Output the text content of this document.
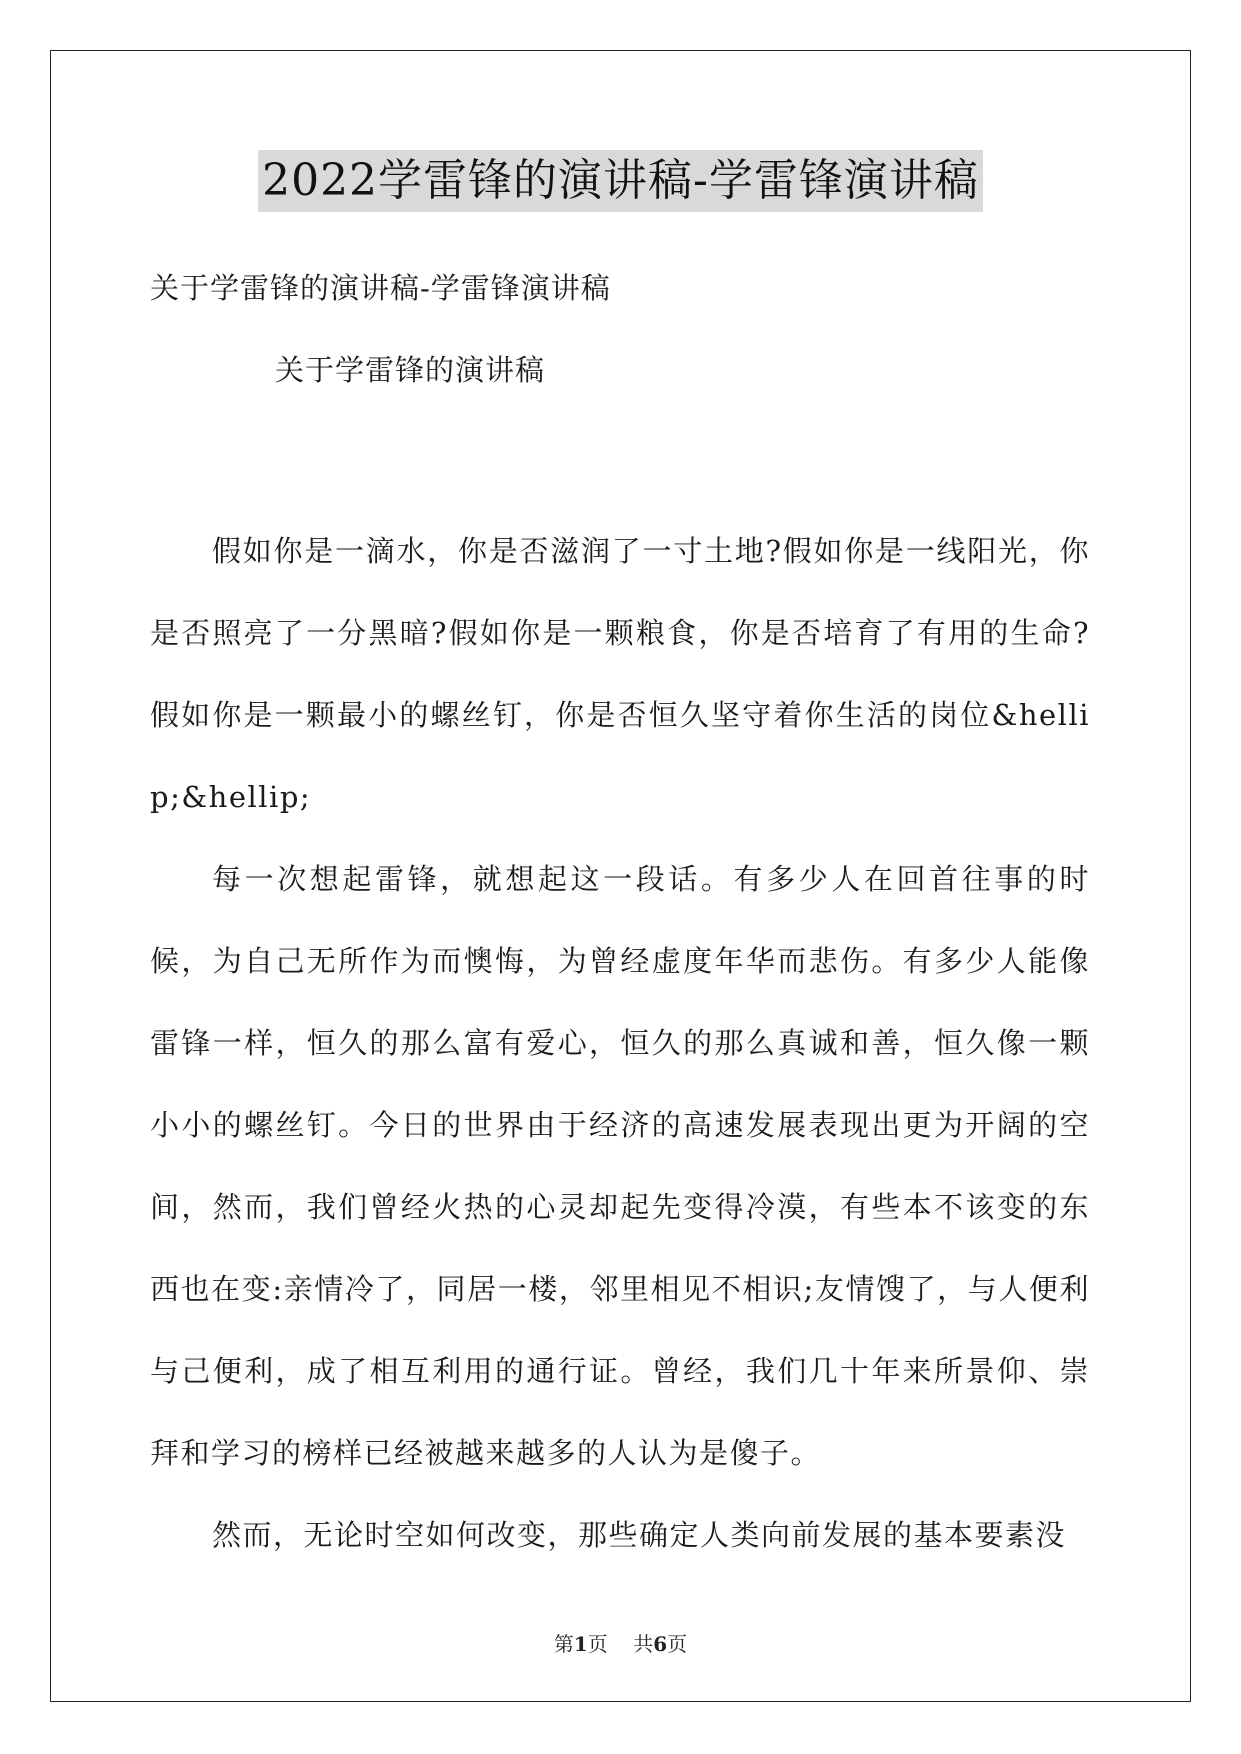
2022学雷锋的演讲稿-学雷锋演讲稿
关于学雷锋的演讲稿-学雷锋演讲稿
关于学雷锋的演讲稿

假如你是一滴水，你是否滋润了一寸土地?假如你是一线阳光，你是否照亮了一分黑暗?假如你是一颗粮食，你是否培育了有用的生命?假如你是一颗最小的螺丝钉，你是否恒久坚守着你生活的岗位&hellip;&hellip;

每一次想起雷锋，就想起这一段话。有多少人在回首往事的时候，为自己无所作为而懊悔，为曾经虚度年华而悲伤。有多少人能像雷锋一样，恒久的那么富有爱心，恒久的那么真诚和善，恒久像一颗小小的螺丝钉。今日的世界由于经济的高速发展表现出更为开阔的空间，然而，我们曾经火热的心灵却起先变得冷漠，有些本不该变的东西也在变:亲情冷了，同居一楼，邻里相见不相识;友情馊了，与人便利与己便利，成了相互利用的通行证。曾经，我们几十年来所景仰、崇拜和学习的榜样已经被越来越多的人认为是傻子。

然而，无论时空如何改变，那些确定人类向前发展的基本要素没

第1页 共6页
